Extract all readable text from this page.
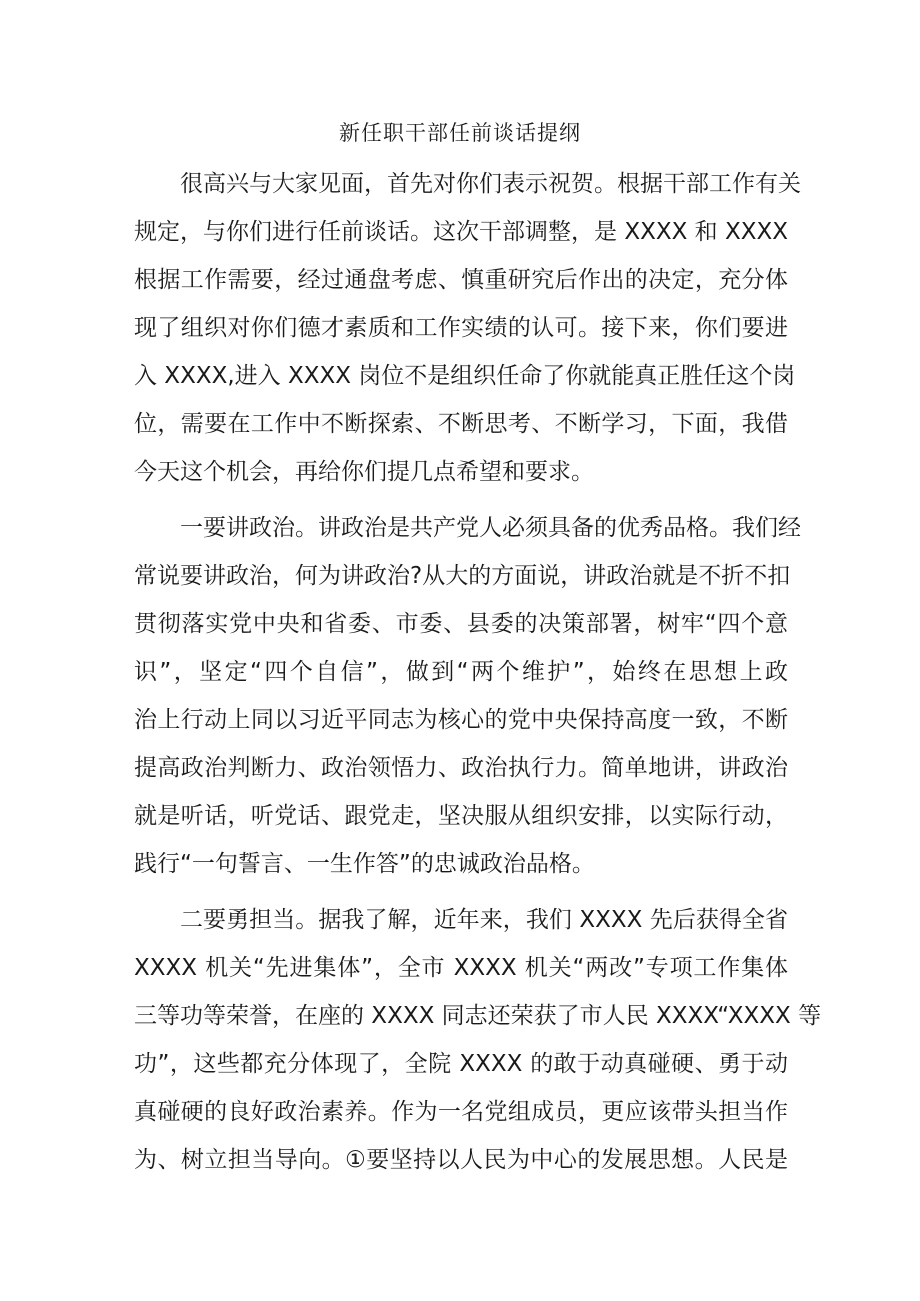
新任职干部任前谈话提纲
很高兴与大家见面，首先对你们表示祝贺。根据干部工作有关
规定，与你们进行任前谈话。这次干部调整，是 XXXX 和 XXXX
根据工作需要，经过通盘考虑、慎重研究后作出的决定，充分体
现了组织对你们德才素质和工作实绩的认可。接下来，你们要进
入 XXXX,进入 XXXX 岗位不是组织任命了你就能真正胜任这个岗
位，需要在工作中不断探索、不断思考、不断学习，下面，我借
今天这个机会，再给你们提几点希望和要求。
一要讲政治。讲政治是共产党人必须具备的优秀品格。我们经
常说要讲政治，何为讲政治?从大的方面说，讲政治就是不折不扣
贯彻落实党中央和省委、市委、县委的决策部署，树牢“四个意
识”，坚定“四个自信”，做到“两个维护”，始终在思想上政
治上行动上同以习近平同志为核心的党中央保持高度一致，不断
提高政治判断力、政治领悟力、政治执行力。简单地讲，讲政治
就是听话，听党话、跟党走，坚决服从组织安排，以实际行动，
践行“一句誓言、一生作答”的忠诚政治品格。
二要勇担当。据我了解，近年来，我们 XXXX 先后获得全省
XXXX 机关“先进集体”，全市 XXXX 机关“两改”专项工作集体
三等功等荣誉，在座的 XXXX 同志还荣获了市人民 XXXX“XXXX 等
功”，这些都充分体现了，全院 XXXX 的敢于动真碰硬、勇于动
真碰硬的良好政治素养。作为一名党组成员，更应该带头担当作
为、树立担当导向。①要坚持以人民为中心的发展思想。人民是
